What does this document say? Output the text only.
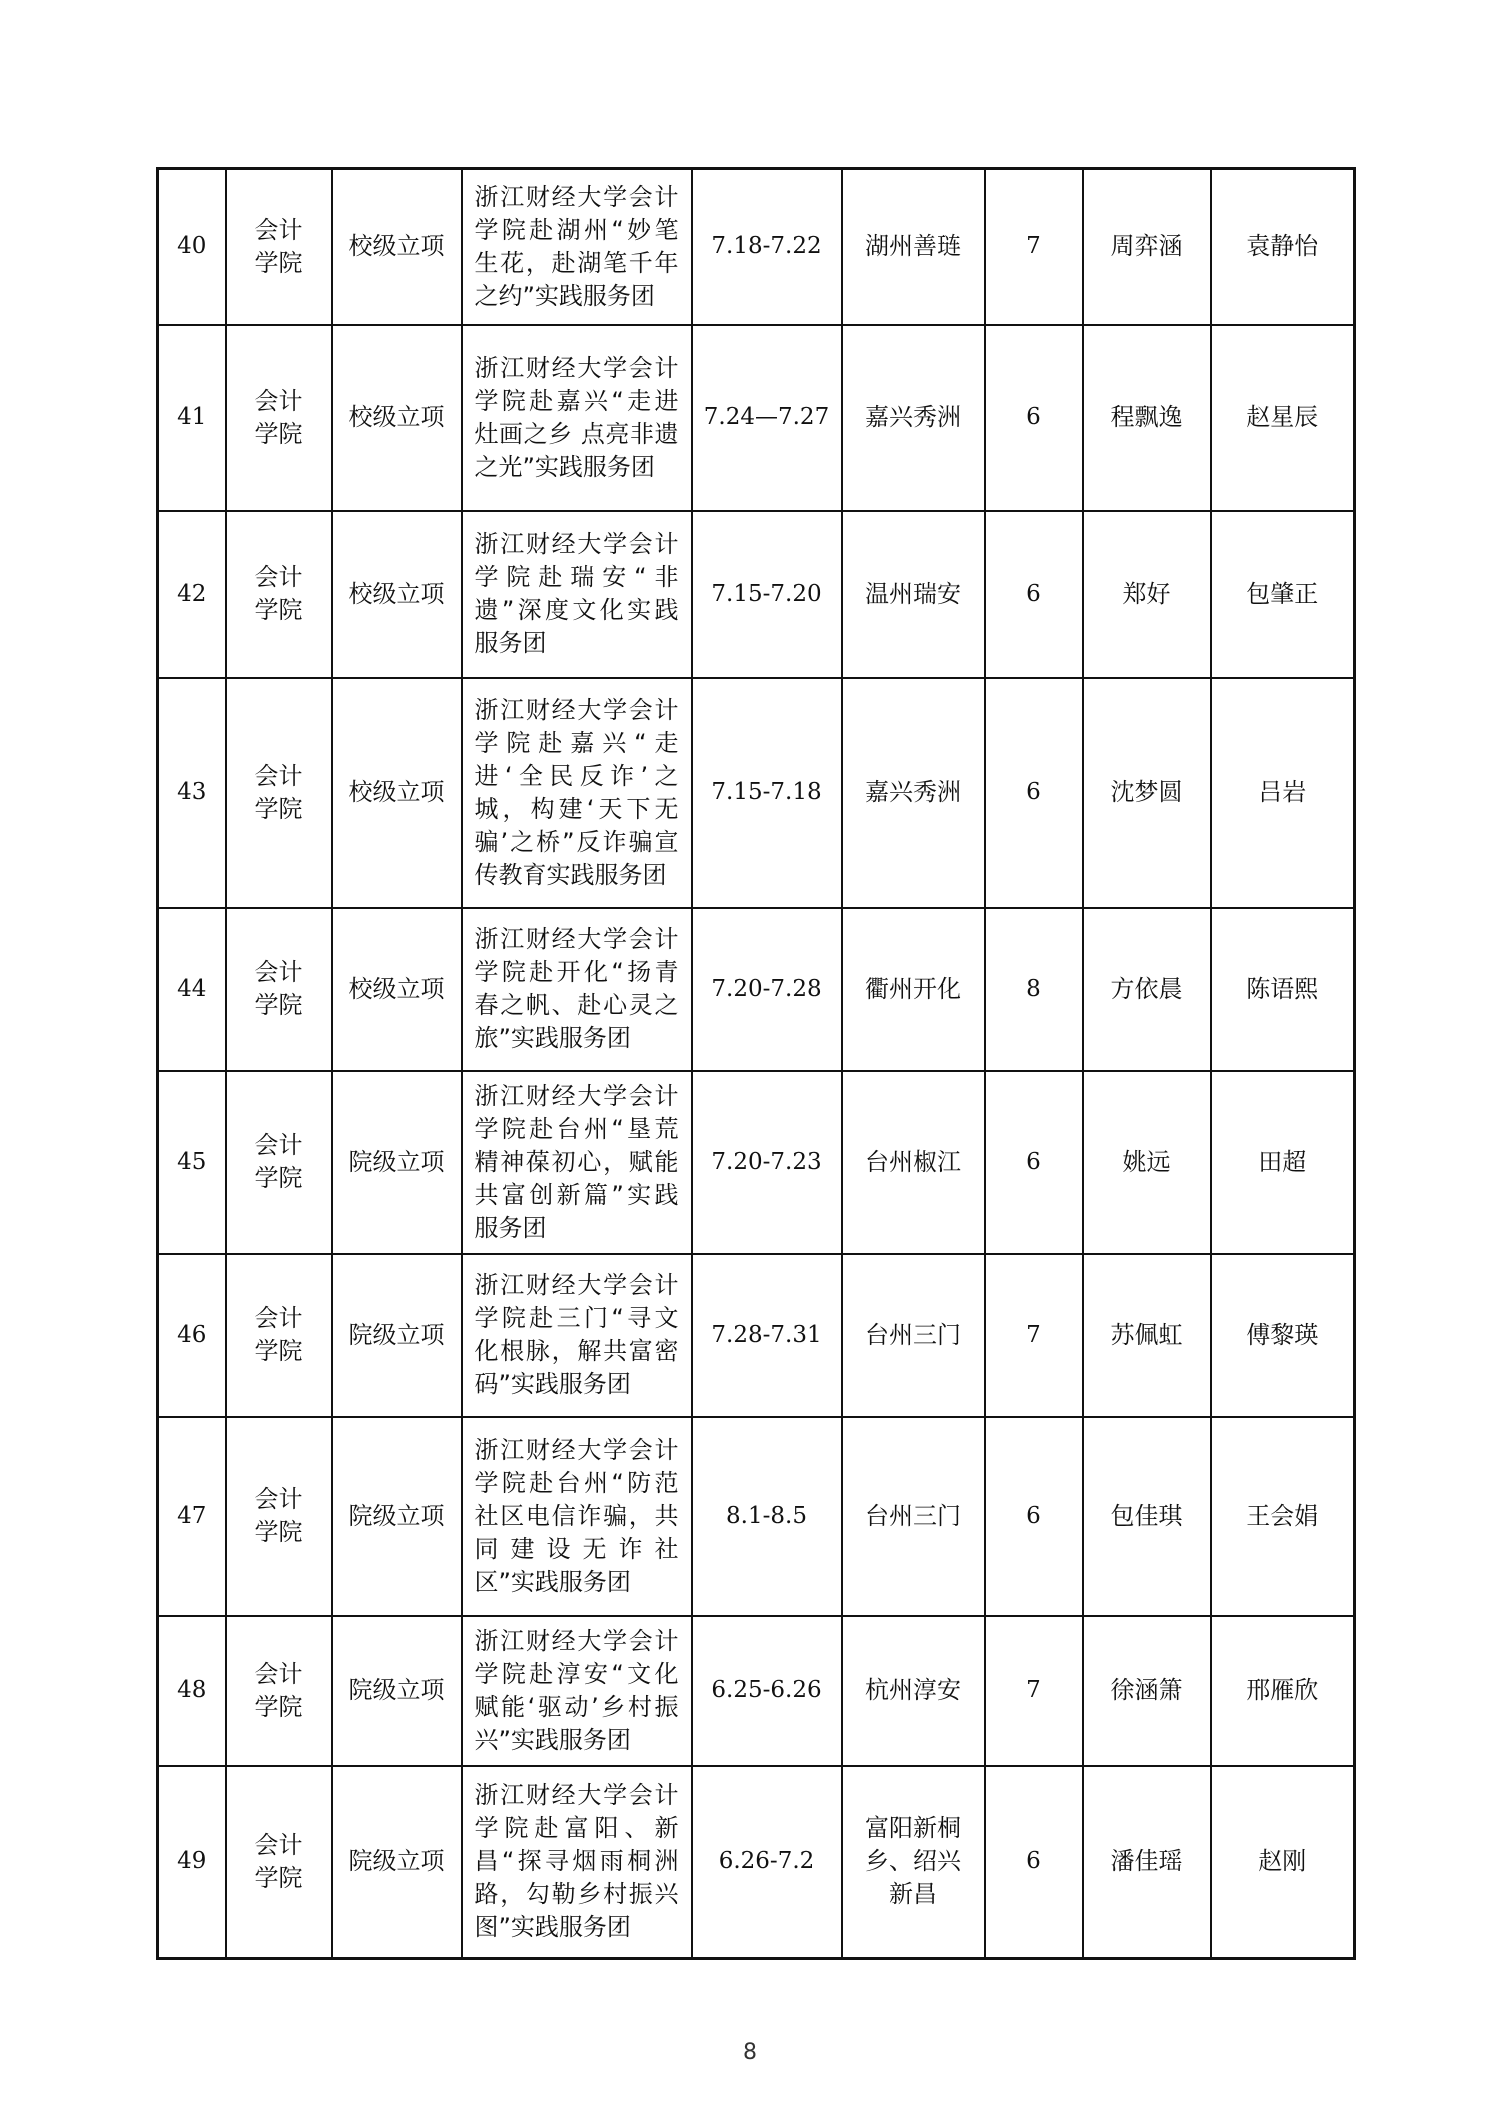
40	会计学院	校级立项	浙江财经大学会计学院赴湖州“妙笔生花，赴湖笔千年之约”实践服务团	7.18-7.22	湖州善琏	7	周弈涵	袁静怡
41	会计学院	校级立项	浙江财经大学会计学院赴嘉兴“走进灶画之乡 点亮非遗之光”实践服务团	7.24—7.27	嘉兴秀洲	6	程飘逸	赵星辰
42	会计学院	校级立项	浙江财经大学会计学院赴瑞安“非遗”深度文化实践服务团	7.15-7.20	温州瑞安	6	郑好	包肇正
43	会计学院	校级立项	浙江财经大学会计学院赴嘉兴“走进‘全民反诈’之城，构建‘天下无骗’之桥”反诈骗宣传教育实践服务团	7.15-7.18	嘉兴秀洲	6	沈梦圆	吕岩
44	会计学院	校级立项	浙江财经大学会计学院赴开化“扬青春之帆、赴心灵之旅”实践服务团	7.20-7.28	衢州开化	8	方依晨	陈语熙
45	会计学院	院级立项	浙江财经大学会计学院赴台州“垦荒精神葆初心，赋能共富创新篇”实践服务团	7.20-7.23	台州椒江	6	姚远	田超
46	会计学院	院级立项	浙江财经大学会计学院赴三门“寻文化根脉，解共富密码”实践服务团	7.28-7.31	台州三门	7	苏佩虹	傅黎瑛
47	会计学院	院级立项	浙江财经大学会计学院赴台州“防范社区电信诈骗，共同建设无诈社区”实践服务团	8.1-8.5	台州三门	6	包佳琪	王会娟
48	会计学院	院级立项	浙江财经大学会计学院赴淳安“文化赋能‘驱动’乡村振兴”实践服务团	6.25-6.26	杭州淳安	7	徐涵箫	邢雁欣
49	会计学院	院级立项	浙江财经大学会计学院赴富阳、新昌“探寻烟雨桐洲路，勾勒乡村振兴图”实践服务团	6.26-7.2	富阳新桐乡、绍兴新昌	6	潘佳瑶	赵刚
8
